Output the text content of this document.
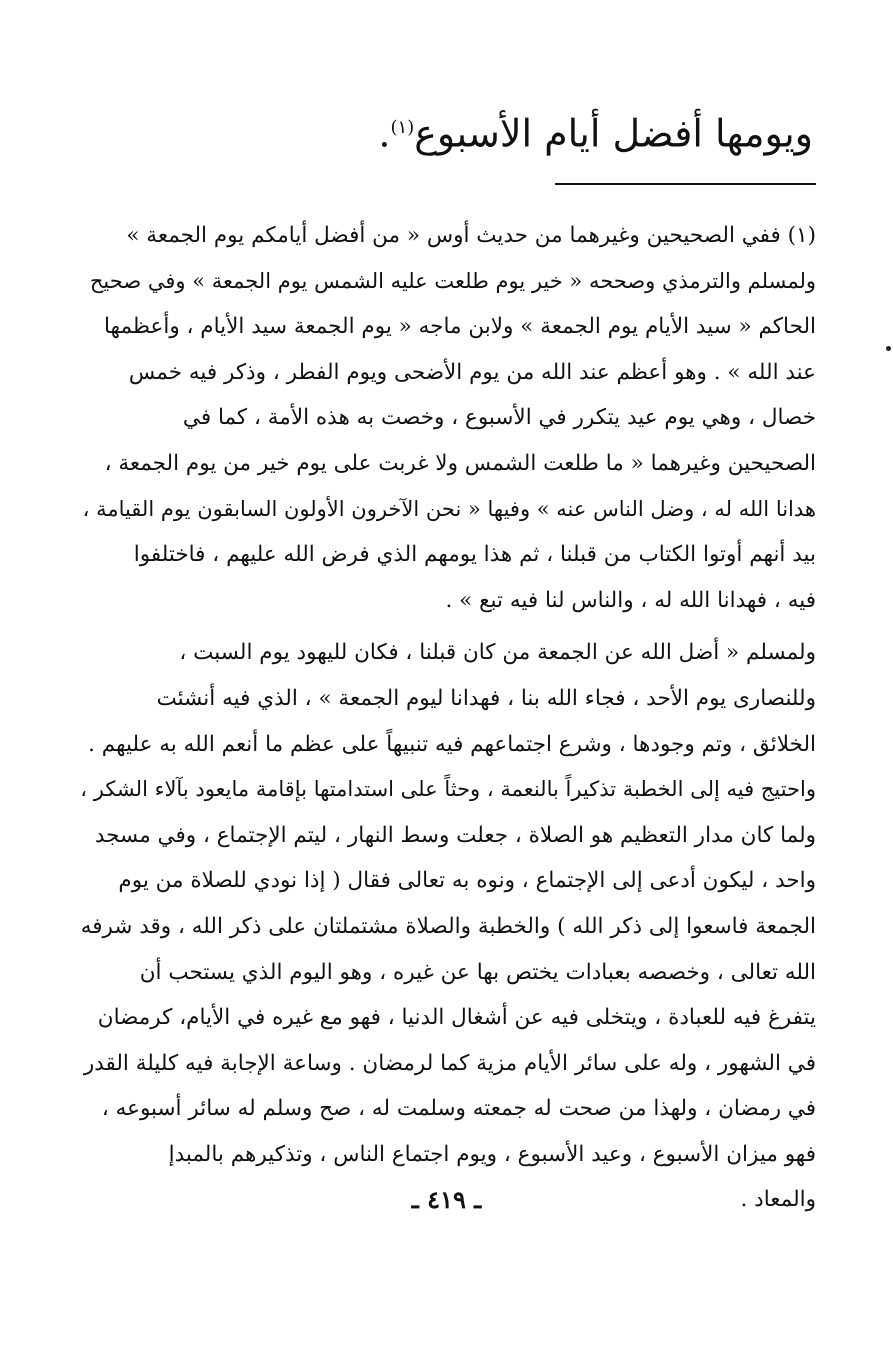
ويومها أفضل أيام الأسبوع$^{(١)}$.
(١) ففي الصحيحين وغيرهما من حديث أوس « من أفضل أيامكم يوم الجمعة »
ولمسلم والترمذي وصححه « خير يوم طلعت عليه الشمس يوم الجمعة » وفي صحيح
الحاكم « سيد الأيام يوم الجمعة » ولابن ماجه « يوم الجمعة سيد الأيام ، وأعظمها
عند الله » . وهو أعظم عند الله من يوم الأضحى ويوم الفطر ، وذكر فيه خمس
خصال ، وهي يوم عيد يتكرر في الأسبوع ، وخصت به هذه الأمة ، كما في
الصحيحين وغيرهما « ما طلعت الشمس ولا غربت على يوم خير من يوم الجمعة ،
هدانا الله له ، وضل الناس عنه » وفيها « نحن الآخرون الأولون السابقون يوم القيامة ،
بيد أنهم أوتوا الكتاب من قبلنا ، ثم هذا يومهم الذي فرض الله عليهم ، فاختلفوا
فيه ، فهدانا الله له ، والناس لنا فيه تبع » .
ولمسلم « أضل الله عن الجمعة من كان قبلنا ، فكان لليهود يوم السبت ،
وللنصارى يوم الأحد ، فجاء الله بنا ، فهدانا ليوم الجمعة » ، الذي فيه أنشئت
الخلائق ، وتم وجودها ، وشرع اجتماعهم فيه تنبيهاً على عظم ما أنعم الله به عليهم .
واحتيج فيه إلى الخطبة تذكيراً بالنعمة ، وحثاً على استدامتها بإقامة مايعود بآلاء الشكر ،
ولما كان مدار التعظيم هو الصلاة ، جعلت وسط النهار ، ليتم الإجتماع ، وفي مسجد
واحد ، ليكون أدعى إلى الإجتماع ، ونوه به تعالى فقال ( إذا نودي للصلاة من يوم
الجمعة فاسعوا إلى ذكر الله ) والخطبة والصلاة مشتملتان على ذكر الله ، وقد شرفه
الله تعالى ، وخصصه بعبادات يختص بها عن غيره ، وهو اليوم الذي يستحب أن
يتفرغ فيه للعبادة ، ويتخلى فيه عن أشغال الدنيا ، فهو مع غيره في الأيام، كرمضان
في الشهور ، وله على سائر الأيام مزية كما لرمضان . وساعة الإجابة فيه كليلة القدر
في رمضان ، ولهذا من صحت له جمعته وسلمت له ، صح وسلم له سائر أسبوعه ،
فهو ميزان الأسبوع ، وعيد الأسبوع ، ويوم اجتماع الناس ، وتذكيرهم بالمبدإ
والمعاد .
ـ ٤١٩ ـ
